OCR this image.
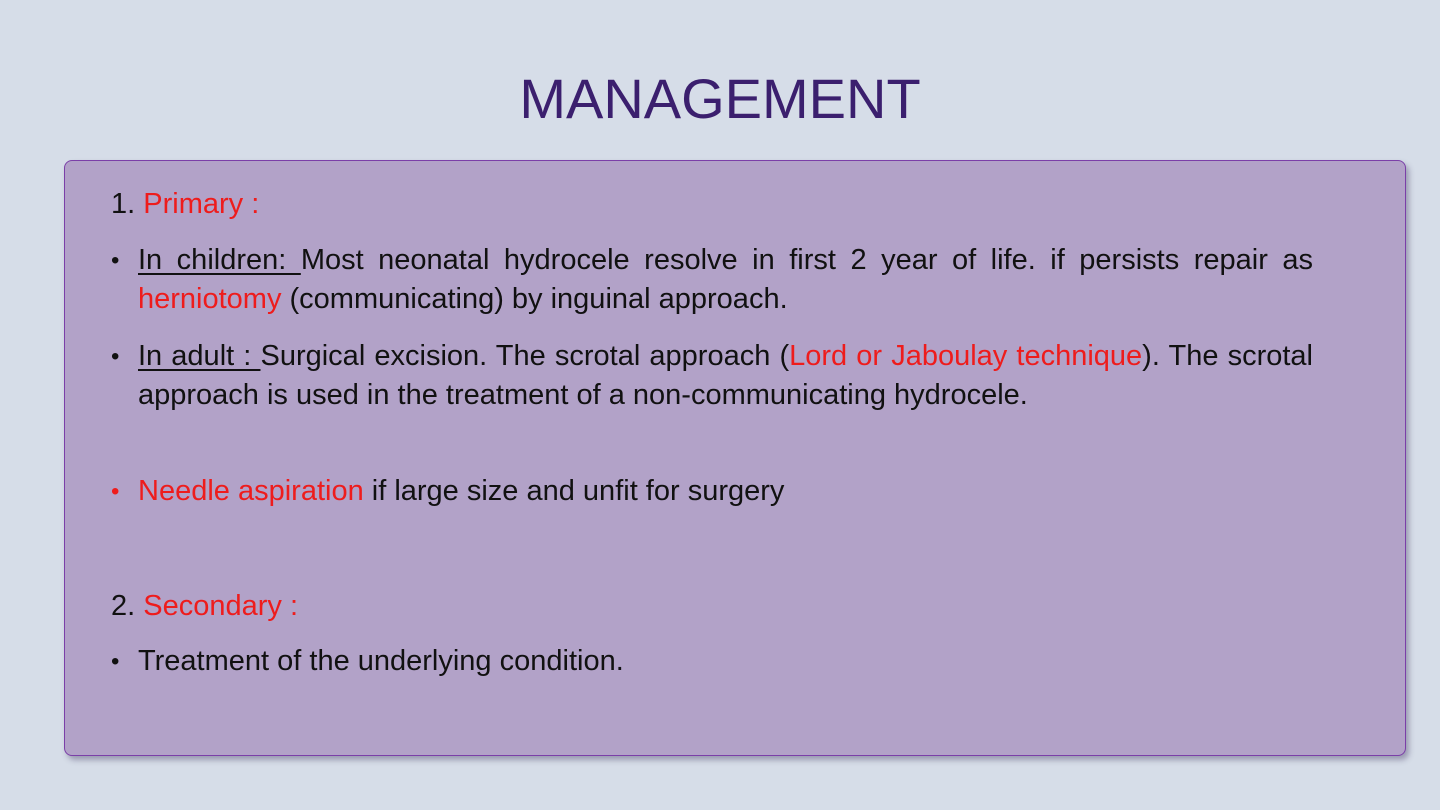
MANAGEMENT
1. Primary :
• In children: Most neonatal hydrocele resolve in first 2 year of life. if persists repair as herniotomy (communicating) by inguinal approach.
• In adult : Surgical excision. The scrotal approach (Lord or Jaboulay technique). The scrotal approach is used in the treatment of a non-communicating hydrocele.
• Needle aspiration if large size and unfit for surgery
2. Secondary :
• Treatment of the underlying condition.
